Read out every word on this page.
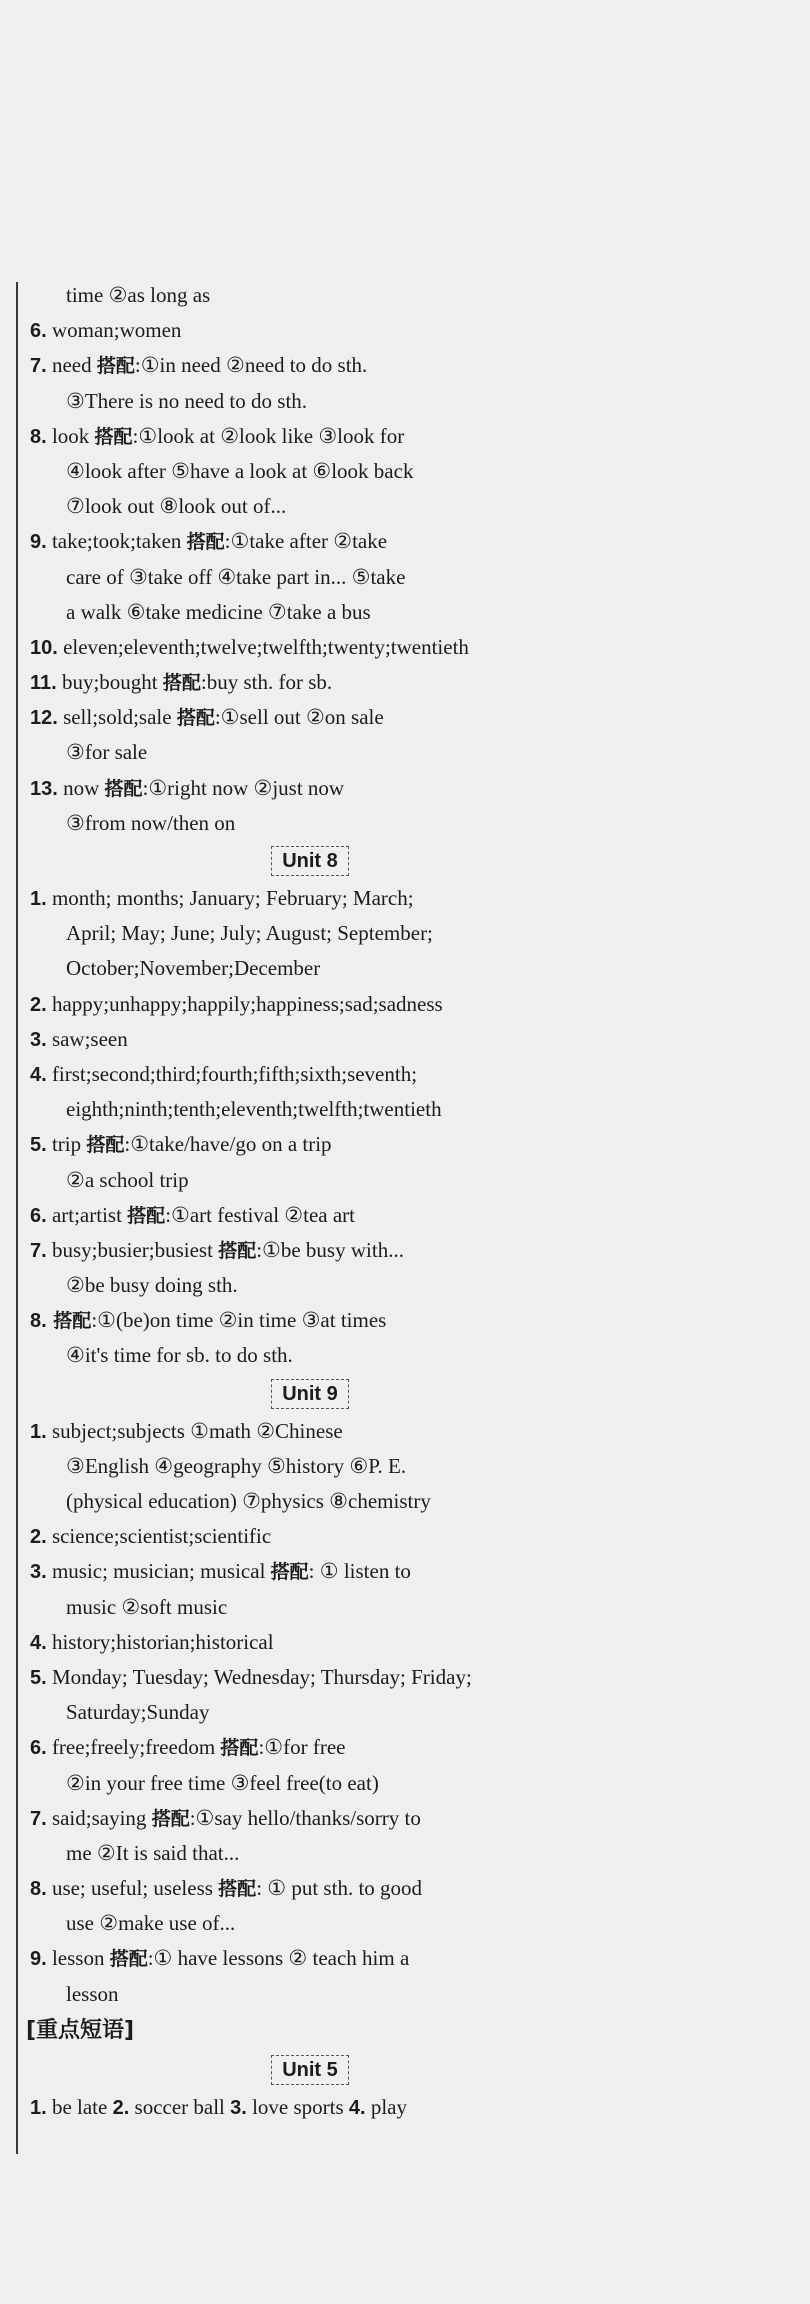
time ②as long as
6. woman;women
7. need 搭配:①in need ②need to do sth.
③There is no need to do sth.
8. look 搭配:①look at ②look like ③look for
④look after ⑤have a look at ⑥look back
⑦look out ⑧look out of...
9. take;took;taken 搭配:①take after ②take
care of ③take off ④take part in... ⑤take
a walk ⑥take medicine ⑦take a bus
10. eleven;eleventh;twelve;twelfth;twenty;twentieth
11. buy;bought 搭配:buy sth. for sb.
12. sell;sold;sale 搭配:①sell out ②on sale
③for sale
13. now 搭配:①right now ②just now
③from now/then on
Unit 8
1. month; months; January; February; March;
April; May; June; July; August; September;
October;November;December
2. happy;unhappy;happily;happiness;sad;sadness
3. saw;seen
4. first;second;third;fourth;fifth;sixth;seventh;
eighth;ninth;tenth;eleventh;twelfth;twentieth
5. trip 搭配:①take/have/go on a trip
②a school trip
6. art;artist 搭配:①art festival ②tea art
7. busy;busier;busiest 搭配:①be busy with...
②be busy doing sth.
8. 搭配:①(be)on time ②in time ③at times
④it's time for sb. to do sth.
Unit 9
1. subject;subjects ①math ②Chinese
③English ④geography ⑤history ⑥P. E.
(physical education) ⑦physics ⑧chemistry
2. science;scientist;scientific
3. music; musician; musical 搭配: ① listen to
music ②soft music
4. history;historian;historical
5. Monday; Tuesday; Wednesday; Thursday; Friday;
Saturday;Sunday
6. free;freely;freedom 搭配:①for free
②in your free time ③feel free(to eat)
7. said;saying 搭配:①say hello/thanks/sorry to
me ②It is said that...
8. use; useful; useless 搭配: ① put sth. to good
use ②make use of...
9. lesson 搭配:① have lessons ② teach him a
lesson
[重点短语]
Unit 5
1. be late 2. soccer ball 3. love sports 4. play
